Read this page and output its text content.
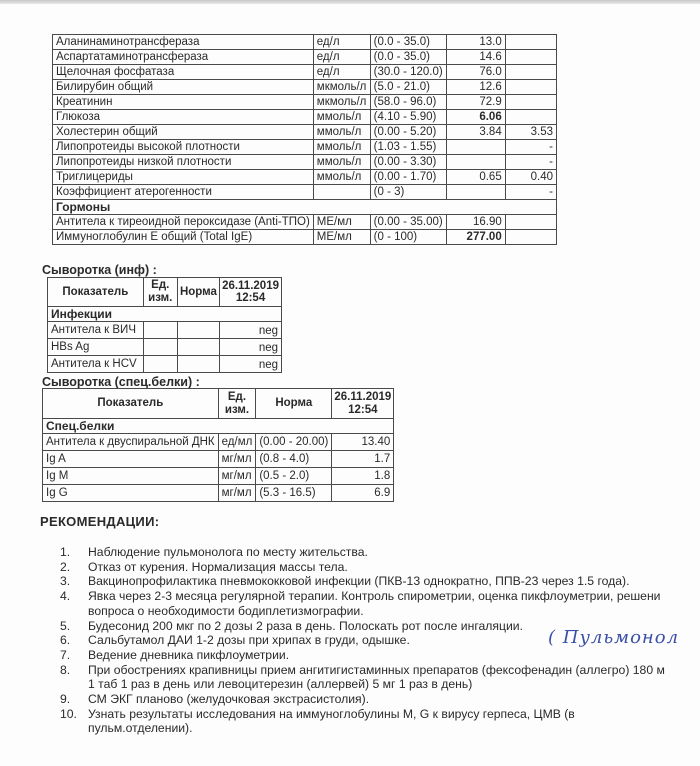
Аланинаминотрансфераза	ед/л	(0.0 - 35.0)	13.0	
Аспартатаминотрансфераза	ед/л	(0.0 - 35.0)	14.6	
Щелочная фосфатаза	ед/л	(30.0 - 120.0)	76.0	
Билирубин общий	мкмоль/л	(5.0 - 21.0)	12.6	
Креатинин	мкмоль/л	(58.0 - 96.0)	72.9	
Глюкоза	ммоль/л	(4.10 - 5.90)	6.06	
Холестерин общий	ммоль/л	(0.00 - 5.20)	3.84	3.53
Липопротеиды высокой плотности	ммоль/л	(1.03 - 1.55)		-
Липопротеиды низкой плотности	ммоль/л	(0.00 - 3.30)		-
Триглицериды	ммоль/л	(0.00 - 1.70)	0.65	0.40
Коэффициент атерогенности		(0 - 3)		-
Гормоны				
Антитела к тиреоидной пероксидазе (Anti-ТПО)	МЕ/мл	(0.00 - 35.00)	16.90	
Иммуноглобулин Е общий (Total IgE)	МЕ/мл	(0 - 100)	277.00	
Сыворотка (инф) :
Показатель	Ед. изм.	Норма	26.11.2019
12:54
Инфекции			
Антитела к ВИЧ			neg
HBs Ag			neg
Антитела к HCV			neg
Сыворотка (спец.белки) :
Показатель	Ед. изм.	Норма	26.11.2019
12:54
Спец.белки			
Антитела к двуспиральной ДНК	ед/мл	(0.00 - 20.00)	13.40
Ig A	мг/мл	(0.8 - 4.0)	1.7
Ig M	мг/мл	(0.5 - 2.0)	1.8
Ig G	мг/мл	(5.3 - 16.5)	6.9
РЕКОМЕНДАЦИИ:
1. Наблюдение пульмонолога по месту жительства.
2. Отказ от курения. Нормализация массы тела.
3. Вакцинопрофилактика пневмококковой инфекции (ПКВ-13 однократно, ППВ-23 через 1.5 года).
4. Явка через 2-3 месяца регулярной терапии. Контроль спирометрии, оценка пикфлоуметрии, решени
вопроса о необходимости бодиплетизмографии.
5. Будесонид 200 мкг по 2 дозы 2 раза в день. Полоскать рот после ингаляции.
6. Сальбутамол ДАИ 1-2 дозы при хрипах в груди, одышке.
7. Ведение дневника пикфлоуметрии.
8. При обострениях крапивницы прием ангитигистаминных препаратов (фексофенадин (аллегро) 180 м
1 таб 1 раз в день или левоцитерезин (аллервей) 5 мг 1 раз в день)
9. СМ ЭКГ планово (желудочковая экстрасистолия).
10. Узнать результаты исследования на иммуноглобулины M, G к вирусу герпеса, ЦМВ (в
пульм.отделении).
( Пульмонол
